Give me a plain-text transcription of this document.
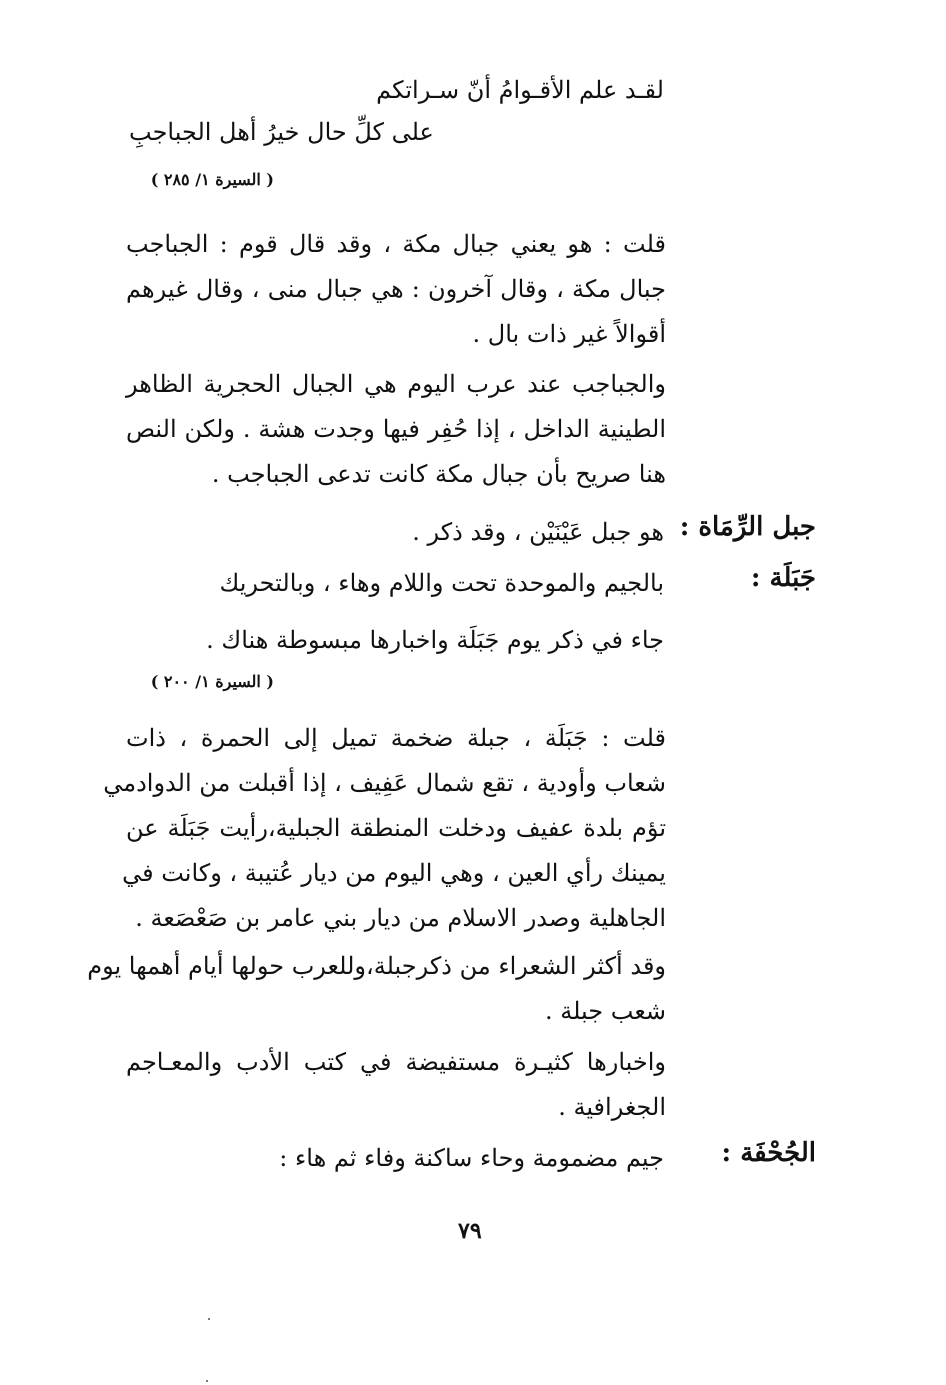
لقـد علم الأقـوامُ أنّ سـراتكم
على كلِّ حال خيرُ أهل الجباجبِ
( السيرة ١/ ٢٨٥ )
قلت : هو يعني جبال مكة ، وقد قال قوم : الجباجب
جبال مكة ، وقال آخرون : هي جبال منى ، وقال غيرهم
أقوالاً غير ذات بال .
والجباجب عند عرب اليوم هي الجبال الحجرية الظاهر
الطينية الداخل ، إذا حُفِر فيها وجدت هشة . ولكن النص
هنا صريح بأن جبال مكة كانت تدعى الجباجب .
جبل الرِّمَاة :
هو جبل عَيْنَيْن ، وقد ذكر .
جَبَلَة :
بالجيم والموحدة تحت واللام وهاء ، وبالتحريك
جاء في ذكر يوم جَبَلَة واخبارها مبسوطة هناك .
( السيرة ١/ ٢٠٠ )
قلت : جَبَلَة ، جبلة ضخمة تميل إلى الحمرة ، ذات
شعاب وأودية ، تقع شمال عَفِيف ، إذا أقبلت من الدوادمي
تؤم بلدة عفيف ودخلت المنطقة الجبلية،رأيت جَبَلَة عن
يمينك رأي العين ، وهي اليوم من ديار عُتيبة ، وكانت في
الجاهلية وصدر الاسلام من ديار بني عامر بن صَعْصَعة .
وقد أكثر الشعراء من ذكرجبلة،وللعرب حولها أيام أهمها يوم
شعب جبلة .
واخبارها كثيـرة مستفيضة في كتب الأدب والمعـاجم
الجغرافية .
الجُحْفَة :
جيم مضمومة وحاء ساكنة وفاء ثم هاء :
٧٩
